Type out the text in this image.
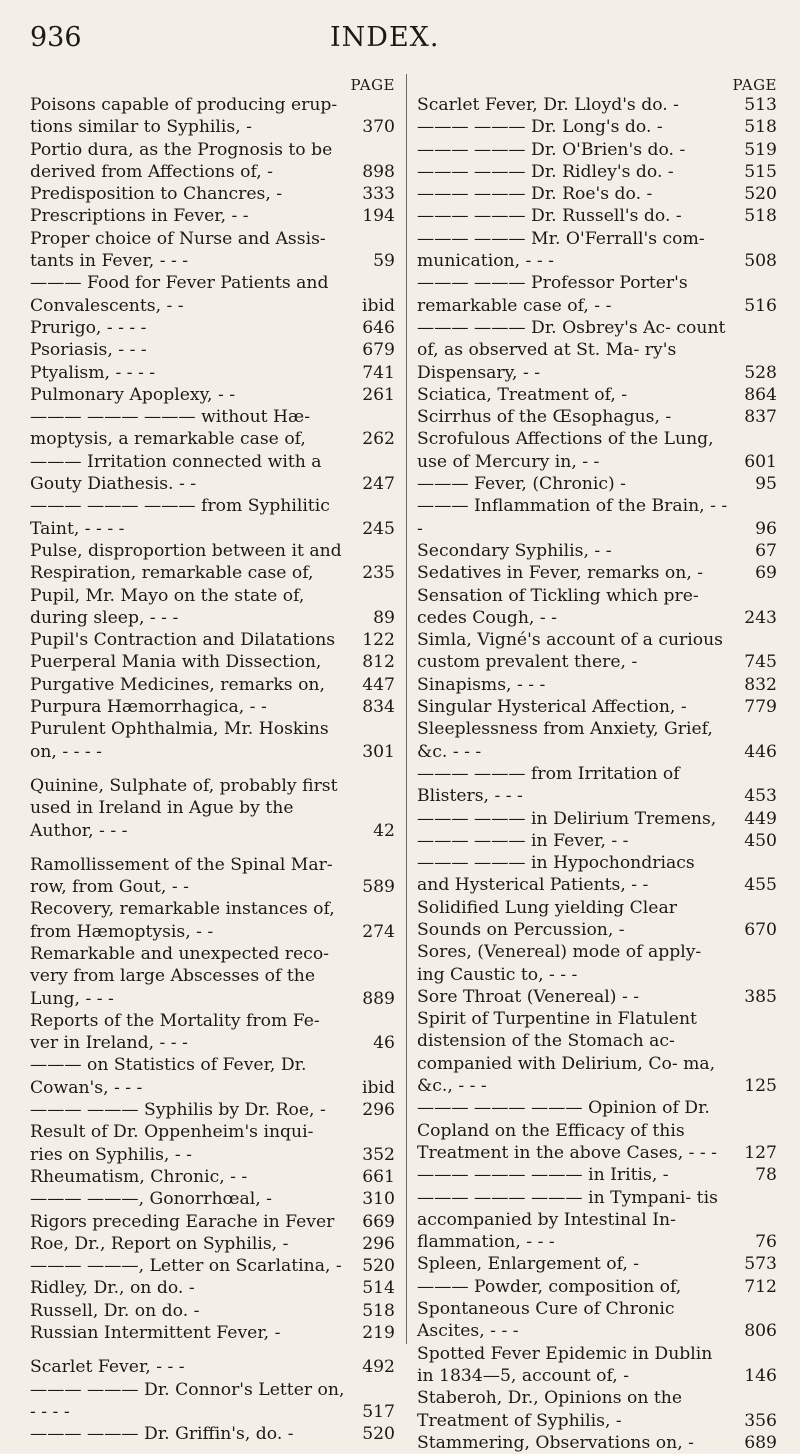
936	INDEX.
PAGE
Poisons capable of producing erup- tions similar to Syphilis, -	370
Portio dura, as the Prognosis to be derived from Affections of, -	898
Predisposition to Chancres, -	333
Prescriptions in Fever, - -	194
Proper choice of Nurse and Assis- tants in Fever, - - -	59
——— Food for Fever Patients and Convalescents, - -	ibid
Prurigo, - - - -	646
Psoriasis, - - -	679
Ptyalism, - - - -	741
Pulmonary Apoplexy, - -	261
——— ——— ——— without Hæ- moptysis, a remarkable case of,	262
——— Irritation connected with a Gouty Diathesis. - -	247
——— ——— ——— from Syphilitic Taint, - - - -	245
Pulse, disproportion between it and Respiration, remarkable case of,	235
Pupil, Mr. Mayo on the state of, during sleep, - - -	89
Pupil's Contraction and Dilatations	122
Puerperal Mania with Dissection,	812
Purgative Medicines, remarks on,	447
Purpura Hæmorrhagica, - -	834
Purulent Ophthalmia, Mr. Hoskins on, - - - -	301
Quinine, Sulphate of, probably first used in Ireland in Ague by the Author, - - -	42
Ramollissement of the Spinal Mar- row, from Gout, - -	589
Recovery, remarkable instances of, from Hæmoptysis, - -	274
Remarkable and unexpected reco- very from large Abscesses of the Lung, - - -	889
Reports of the Mortality from Fe- ver in Ireland, - - -	46
——— on Statistics of Fever, Dr. Cowan's, - - -	ibid
——— ——— Syphilis by Dr. Roe, -	296
Result of Dr. Oppenheim's inqui- ries on Syphilis, - -	352
Rheumatism, Chronic, - -	661
——— ———, Gonorrhœal, -	310
Rigors preceding Earache in Fever	669
Roe, Dr., Report on Syphilis, -	296
——— ———, Letter on Scarlatina, -	520
Ridley, Dr., on do. -	514
Russell, Dr. on do. -	518
Russian Intermittent Fever, -	219
Scarlet Fever, - - -	492
——— ——— Dr. Connor's Letter on, - - - -	517
——— ——— Dr. Griffin's, do. -	520
PAGE
Scarlet Fever, Dr. Lloyd's do. -	513
——— ——— Dr. Long's do. -	518
——— ——— Dr. O'Brien's do. -	519
——— ——— Dr. Ridley's do. -	515
——— ——— Dr. Roe's do. -	520
——— ——— Dr. Russell's do. -	518
——— ——— Mr. O'Ferrall's com- munication, - - -	508
——— ——— Professor Porter's remarkable case of, - -	516
——— ——— Dr. Osbrey's Ac- count of, as observed at St. Ma- ry's Dispensary, - -	528
Sciatica, Treatment of, -	864
Scirrhus of the Œsophagus, -	837
Scrofulous Affections of the Lung, use of Mercury in, - -	601
——— Fever, (Chronic) -	95
——— Inflammation of the Brain, - - -	96
Secondary Syphilis, - -	67
Sedatives in Fever, remarks on, -	69
Sensation of Tickling which pre- cedes Cough, - -	243
Simla, Vigné's account of a curious custom prevalent there, -	745
Sinapisms, - - -	832
Singular Hysterical Affection, -	779
Sleeplessness from Anxiety, Grief, &c. - - -	446
——— ——— from Irritation of Blisters, - - -	453
——— ——— in Delirium Tremens,	449
——— ——— in Fever, - -	450
——— ——— in Hypochondriacs and Hysterical Patients, - -	455
Solidified Lung yielding Clear Sounds on Percussion, -	670
Sores, (Venereal) mode of apply- ing Caustic to, - - -
Sore Throat (Venereal) - -	385
Spirit of Turpentine in Flatulent distension of the Stomach ac- companied with Delirium, Co- ma, &c., - - -	125
——— ——— ——— Opinion of Dr. Copland on the Efficacy of this Treatment in the above Cases, - - -	127
——— ——— ——— in Iritis, -	78
——— ——— ——— in Tympani- tis accompanied by Intestinal In- flammation, - - -	76
Spleen, Enlargement of, -	573
——— Powder, composition of,	712
Spontaneous Cure of Chronic Ascites, - - -	806
Spotted Fever Epidemic in Dublin in 1834—5, account of, -	146
Staberoh, Dr., Opinions on the Treatment of Syphilis, -	356
Stammering, Observations on, -	689
